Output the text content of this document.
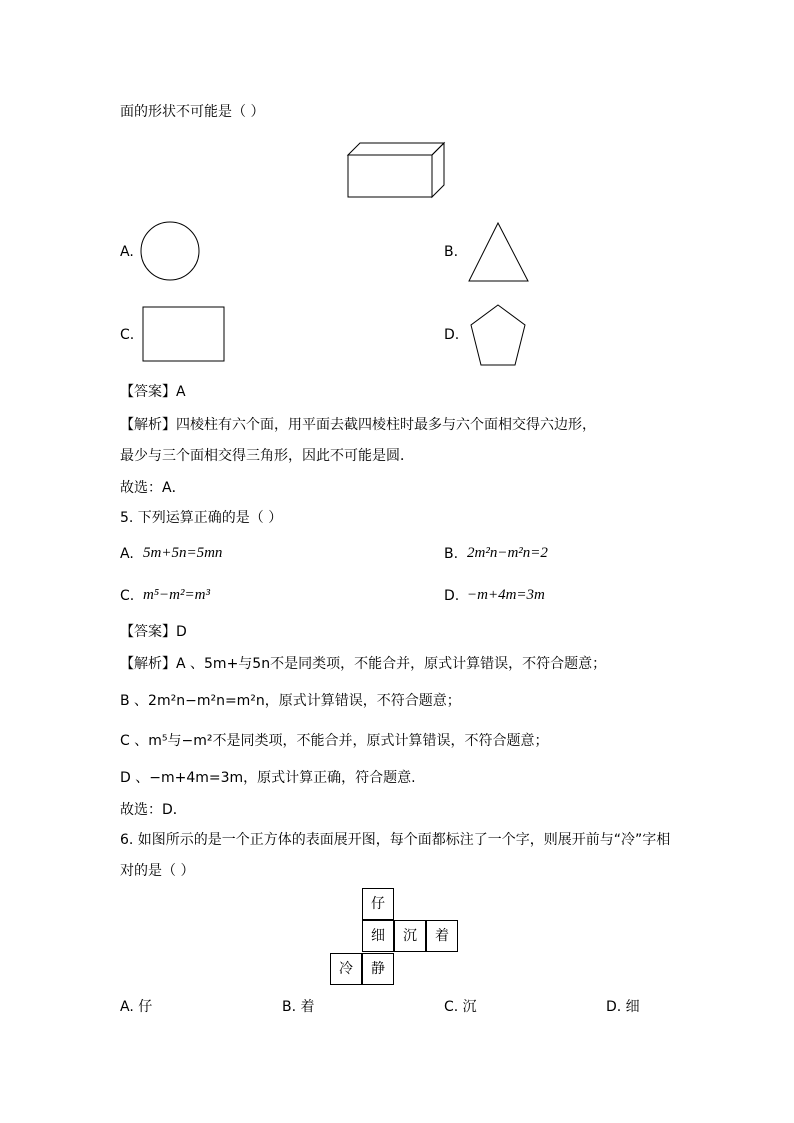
面的形状不可能是（ ）
A.	B.
C.	D.
【答案】A
【解析】四棱柱有六个面，用平面去截四棱柱时最多与六个面相交得六边形，
最少与三个面相交得三角形，因此不可能是圆．
故选：A．
5. 下列运算正确的是（ ）
A. 5m+5n=5mn	B. 2m²n−m²n=2
C. m⁵−m²=m³	D. −m+4m=3m
【答案】D
【解析】A 、5m+与5n不是同类项，不能合并，原式计算错误，不符合题意；
B 、2m²n−m²n=m²n，原式计算错误，不符合题意；
C 、m⁵与−m²不是同类项，不能合并，原式计算错误，不符合题意；
D 、−m+4m=3m，原式计算正确，符合题意.
故选：D．
6. 如图所示的是一个正方体的表面展开图，每个面都标注了一个字，则展开前与“冷”字相
对的是（ ）
仔
细	沉	着
冷	静
A. 仔	B. 着	C. 沉	D. 细
